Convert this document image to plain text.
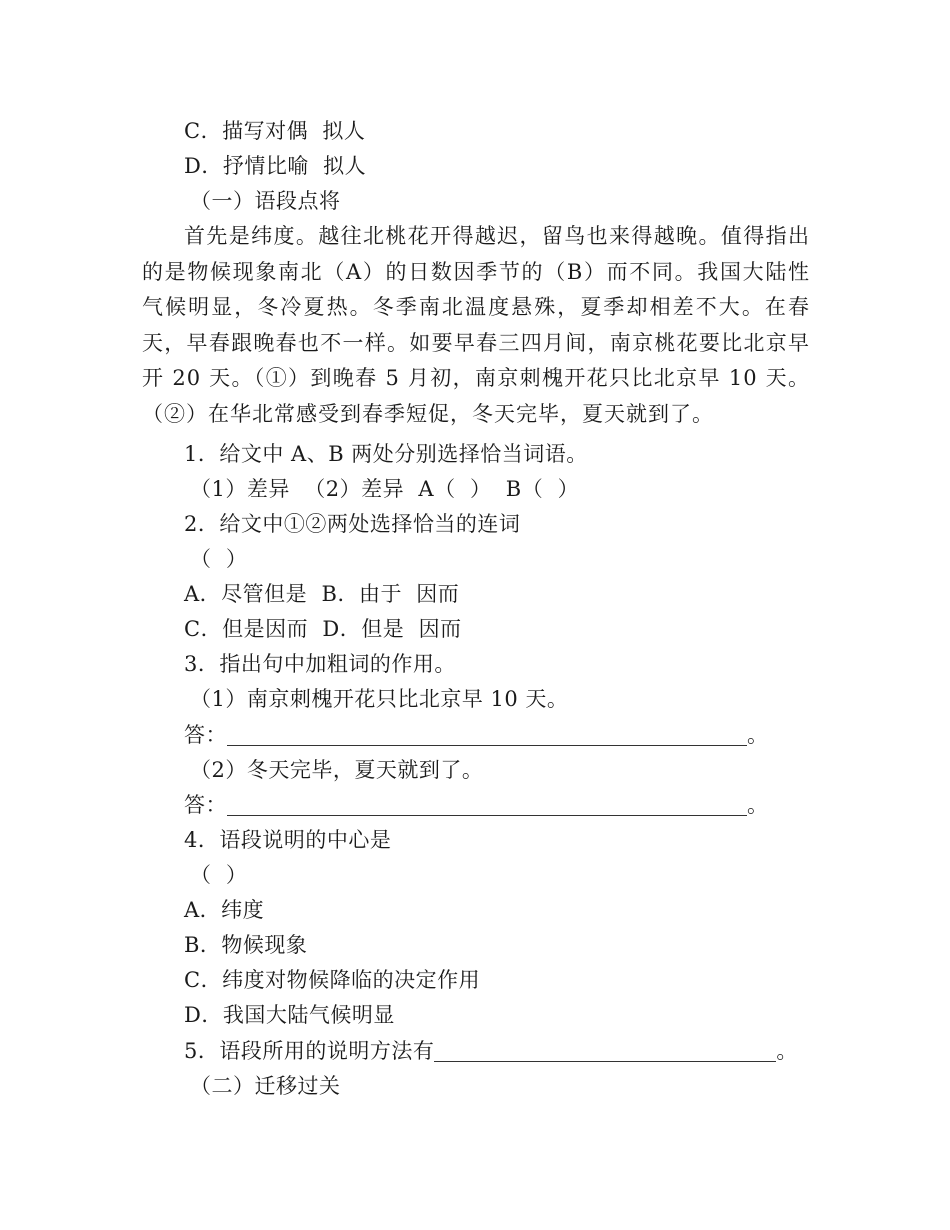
C．描写对偶  拟人
D．抒情比喻  拟人
（一）语段点将
首先是纬度。越往北桃花开得越迟，留鸟也来得越晚。值得指出的是物候现象南北（A）的日数因季节的（B）而不同。我国大陆性气候明显，冬冷夏热。冬季南北温度悬殊，夏季却相差不大。在春天，早春跟晚春也不一样。如要早春三四月间，南京桃花要比北京早开 20 天。（①）到晚春 5 月初，南京刺槐开花只比北京早 10 天。（②）在华北常感受到春季短促，冬天完毕，夏天就到了。
1．给文中 A、B 两处分别选择恰当词语。
（1）差异  （2）差异  A（  ）  B（  ）
2．给文中①②两处选择恰当的连词
（  ）
A．尽管但是  B．由于  因而
C．但是因而  D．但是  因而
3．指出句中加粗词的作用。
（1）南京刺槐开花只比北京早 10 天。
答：	。
（2）冬天完毕，夏天就到了。
答：	。
4．语段说明的中心是
（  ）
A．纬度
B．物候现象
C．纬度对物候降临的决定作用
D．我国大陆气候明显
5．语段所用的说明方法有	。
（二）迁移过关
